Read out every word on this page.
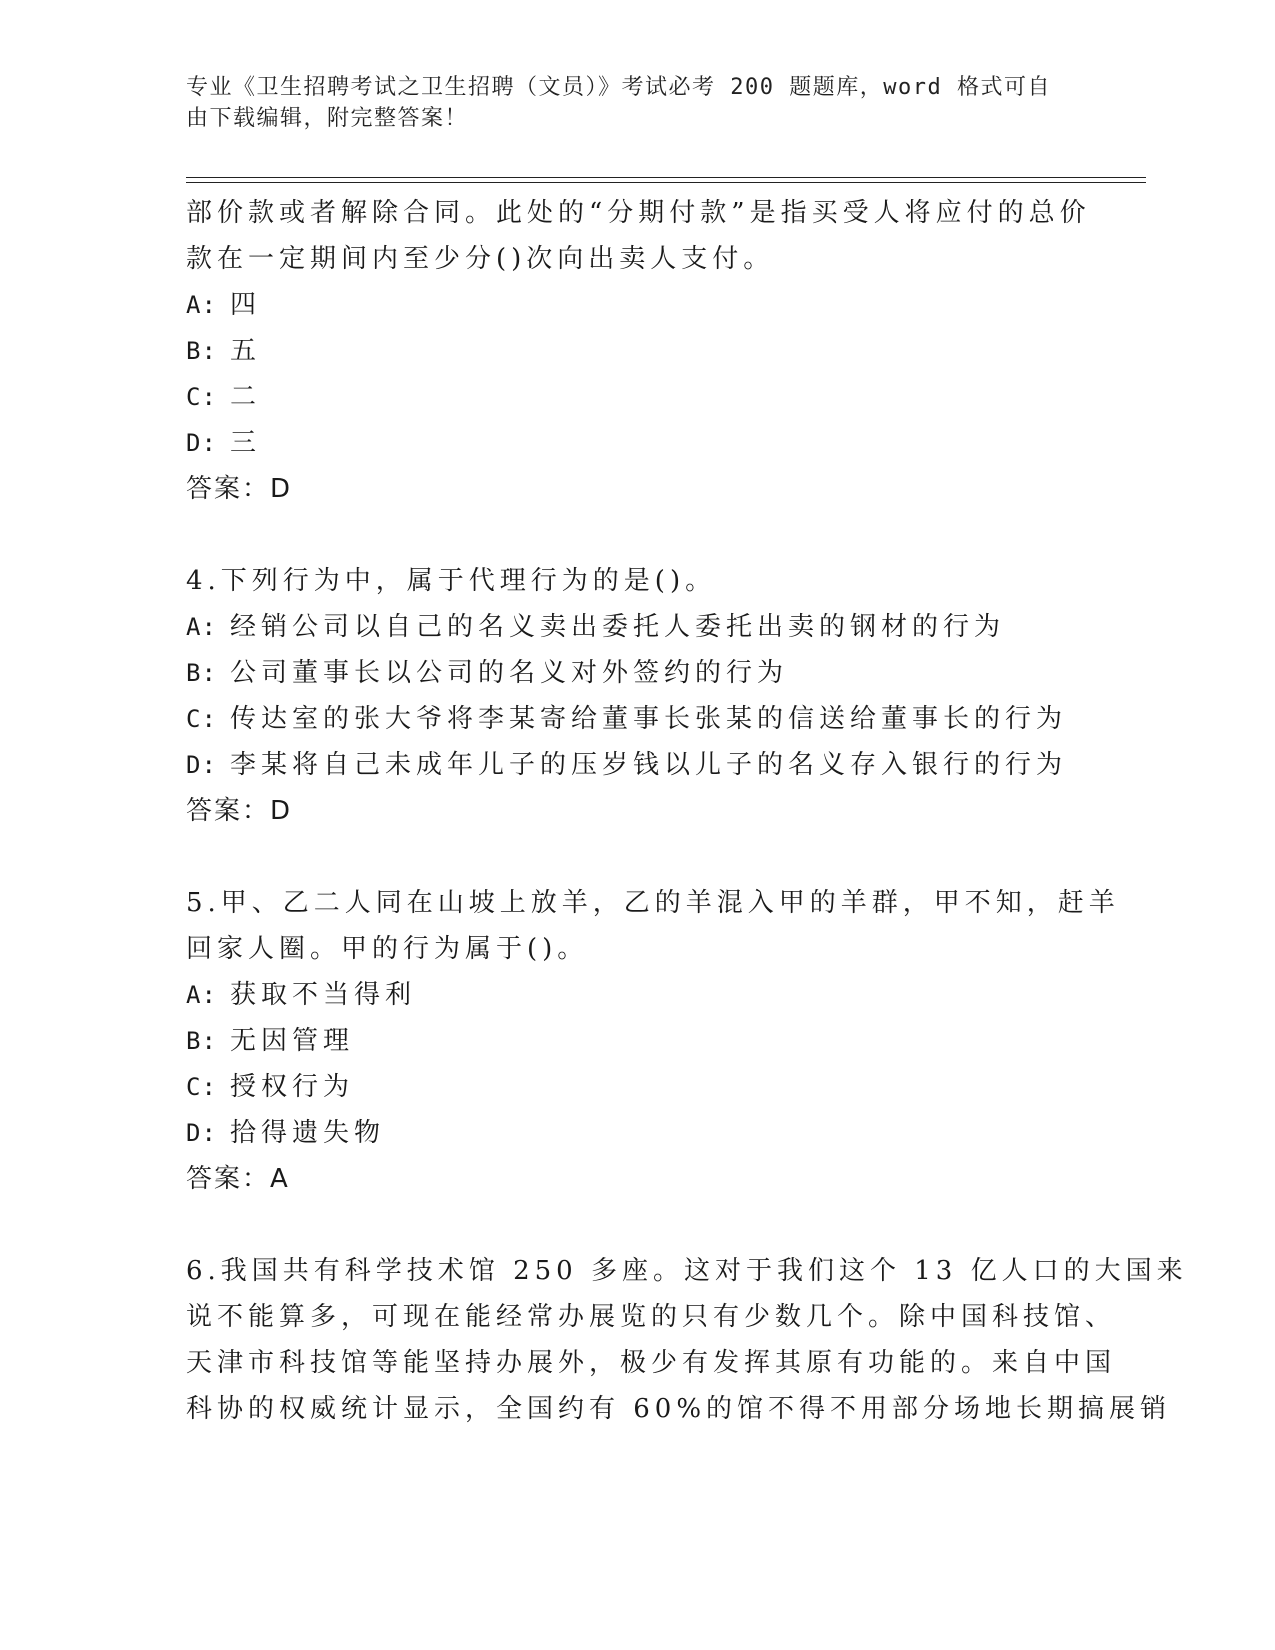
专业《卫生招聘考试之卫生招聘（文员）》考试必考 200 题题库，word 格式可自
由下载编辑，附完整答案！
部价款或者解除合同。此处的“分期付款”是指买受人将应付的总价
款在一定期间内至少分()次向出卖人支付。
A: 四
B: 五
C: 二
D: 三
答案：D
4.下列行为中，属于代理行为的是()。
A: 经销公司以自己的名义卖出委托人委托出卖的钢材的行为
B: 公司董事长以公司的名义对外签约的行为
C: 传达室的张大爷将李某寄给董事长张某的信送给董事长的行为
D: 李某将自己未成年儿子的压岁钱以儿子的名义存入银行的行为
答案：D
5.甲、乙二人同在山坡上放羊，乙的羊混入甲的羊群，甲不知，赶羊
回家人圈。甲的行为属于()。
A: 获取不当得利
B: 无因管理
C: 授权行为
D: 拾得遗失物
答案：A
6.我国共有科学技术馆 250 多座。这对于我们这个 13 亿人口的大国来
说不能算多，可现在能经常办展览的只有少数几个。除中国科技馆、
天津市科技馆等能坚持办展外，极少有发挥其原有功能的。来自中国
科协的权威统计显示，全国约有 60%的馆不得不用部分场地长期搞展销
